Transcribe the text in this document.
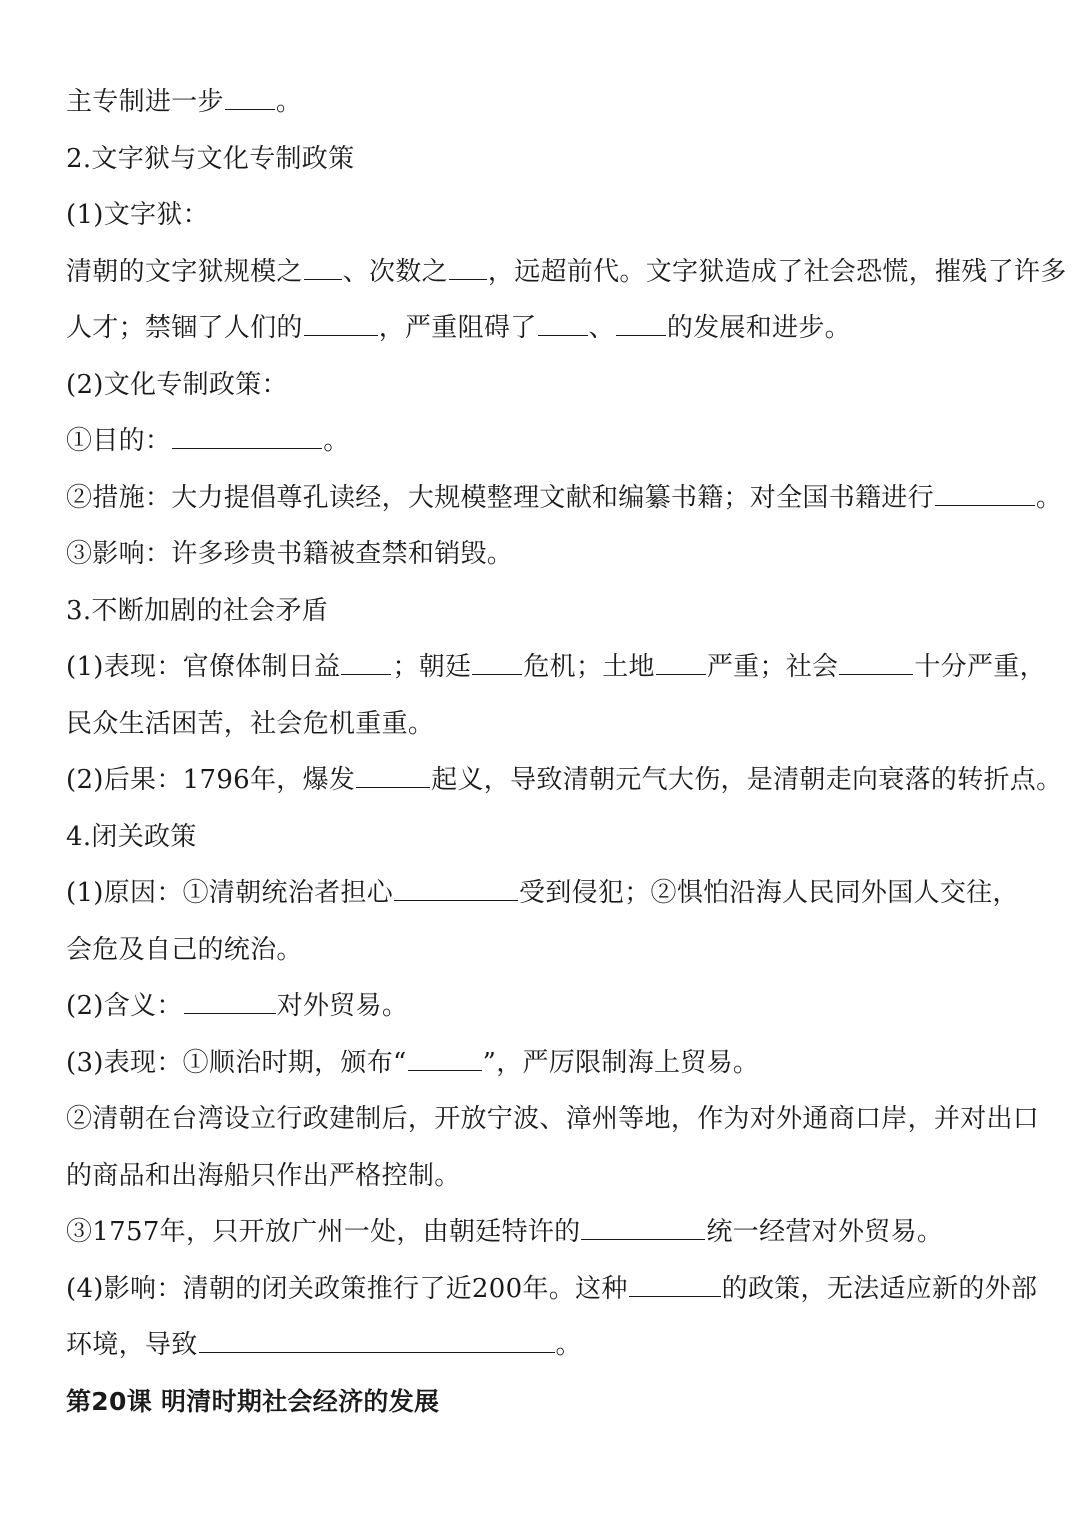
主专制进一步 。
2.文字狱与文化专制政策
(1)文字狱：
清朝的文字狱规模之 、次数之 ，远超前代。文字狱造成了社会恐慌，摧残了许多
人才；禁锢了人们的	，严重阻碍了 、 的发展和进步。
(2)文化专制政策：
①目的：	。
②措施：大力提倡尊孔读经，大规模整理文献和编纂书籍；对全国书籍进行	。
③影响：许多珍贵书籍被查禁和销毁。
3.不断加剧的社会矛盾
(1)表现：官僚体制日益 ；朝廷 危机；土地 严重；社会	十分严重，
民众生活困苦，社会危机重重。
(2)后果：1796年，爆发	起义，导致清朝元气大伤，是清朝走向衰落的转折点。
4.闭关政策
(1)原因：①清朝统治者担心	受到侵犯；②惧怕沿海人民同外国人交往，
会危及自己的统治。
(2)含义：	对外贸易。
(3)表现：①顺治时期，颁布“	”，严厉限制海上贸易。
②清朝在台湾设立行政建制后，开放宁波、漳州等地，作为对外通商口岸，并对出口
的商品和出海船只作出严格控制。
③1757年，只开放广州一处，由朝廷特许的	统一经营对外贸易。
(4)影响：清朝的闭关政策推行了近200年。这种	的政策，无法适应新的外部
环境，导致	。
第20课 明清时期社会经济的发展
